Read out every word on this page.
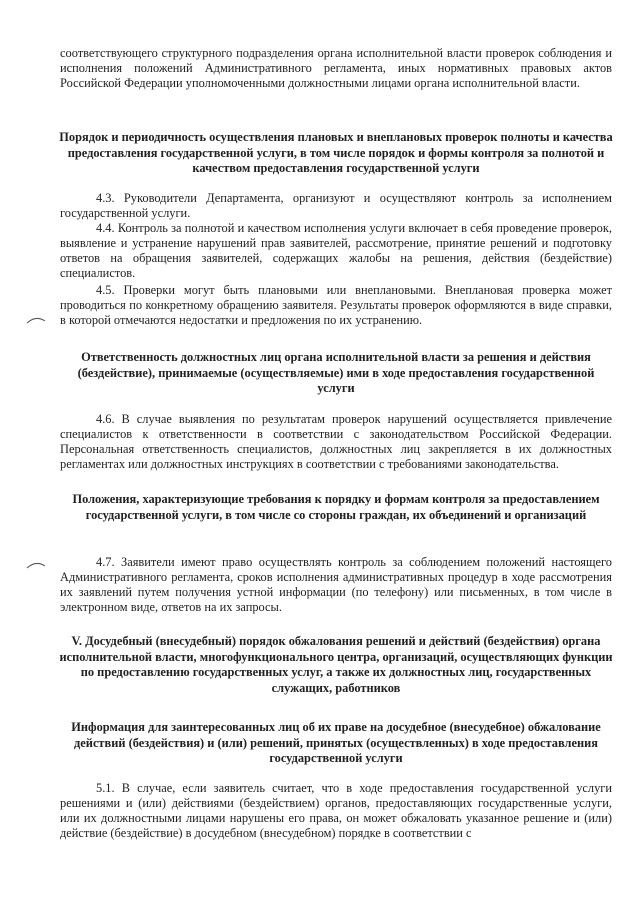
соответствующего структурного подразделения органа исполнительной власти проверок соблюдения и исполнения положений Административного регламента, иных нормативных правовых актов Российской Федерации уполномоченными должностными лицами органа исполнительной власти.

Порядок и периодичность осуществления плановых и внеплановых проверок полноты и качества предоставления государственной услуги, в том числе порядок и формы контроля за полнотой и качеством предоставления государственной услуги

4.3. Руководители Департамента, организуют и осуществляют контроль за исполнением государственной услуги.

4.4. Контроль за полнотой и качеством исполнения услуги включает в себя проведение проверок, выявление и устранение нарушений прав заявителей, рассмотрение, принятие решений и подготовку ответов на обращения заявителей, содержащих жалобы на решения, действия (бездействие) специалистов.

4.5. Проверки могут быть плановыми или внеплановыми. Внеплановая проверка может проводиться по конкретному обращению заявителя. Результаты проверок оформляются в виде справки, в которой отмечаются недостатки и предложения по их устранению.

Ответственность должностных лиц органа исполнительной власти за решения и действия (бездействие), принимаемые (осуществляемые) ими в ходе предоставления государственной услуги

4.6. В случае выявления по результатам проверок нарушений осуществляется привлечение специалистов к ответственности в соответствии с законодательством Российской Федерации. Персональная ответственность специалистов, должностных лиц закрепляется в их должностных регламентах или должностных инструкциях в соответствии с требованиями законодательства.

Положения, характеризующие требования к порядку и формам контроля за предоставлением государственной услуги, в том числе со стороны граждан, их объединений и организаций

4.7. Заявители имеют право осуществлять контроль за соблюдением положений настоящего Административного регламента, сроков исполнения административных процедур в ходе рассмотрения их заявлений путем получения устной информации (по телефону) или письменных, в том числе в электронном виде, ответов на их запросы.

V. Досудебный (внесудебный) порядок обжалования решений и действий (бездействия) органа исполнительной власти, многофункционального центра, организаций, осуществляющих функции по предоставлению государственных услуг, а также их должностных лиц, государственных служащих, работников

Информация для заинтересованных лиц об их праве на досудебное (внесудебное) обжалование действий (бездействия) и (или) решений, принятых (осуществленных) в ходе предоставления государственной услуги

5.1. В случае, если заявитель считает, что в ходе предоставления государственной услуги решениями и (или) действиями (бездействием) органов, предоставляющих государственные услуги, или их должностными лицами нарушены его права, он может обжаловать указанное решение и (или) действие (бездействие) в досудебном (внесудебном) порядке в соответствии с
